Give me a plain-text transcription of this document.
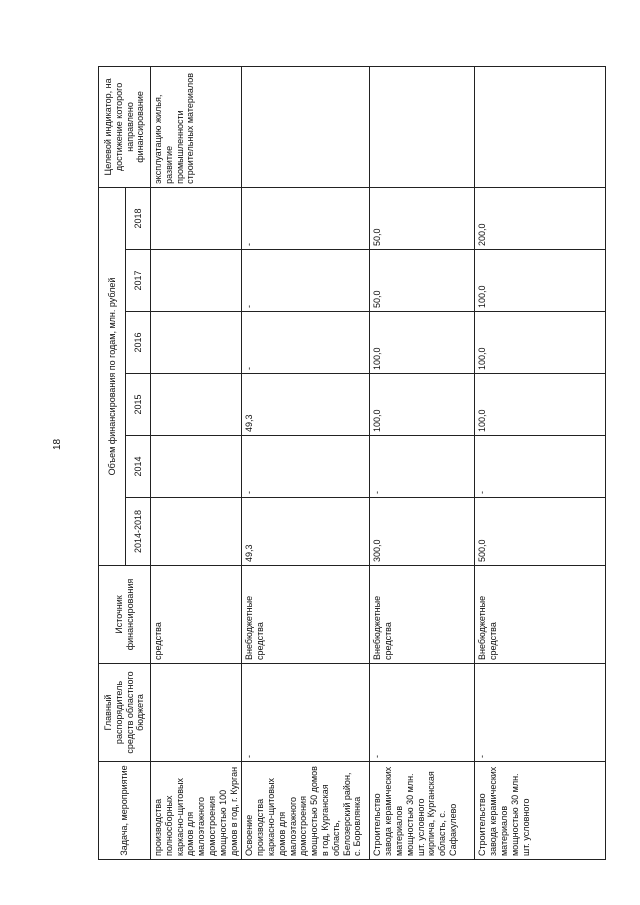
18
Задача, мероприятие	Главный распорядитель средств областного бюджета	Источник финансирования	Объем финансирования по годам, млн. рублей						Целевой индикатор, на достижение которого направлено финансирование
			2014-2018	2014	2015	2016	2017	2018	
производства полносборных каркасно-щитовых домов для малоэтажного домостроения мощностью 100 домов в год, г. Курган		средства							эксплуатацию жилья, развитие промышленности строительных материалов
Освоение производства каркасно-щитовых домов для малоэтажного домостроения мощностью 50 домов в год, Курганская область, Белозерский район, с. Боровлянка	-	Внебюджетные средства	49,3	-	49,3	-	-	-	
Строительство завода керамических материалов мощностью 30 млн. шт. условного кирпича, Курганская область, с. Сафакулево	-	Внебюджетные средства	300,0	-	100,0	100,0	50,0	50,0	
Строительство завода керамических материалов мощностью 30 млн. шт. условного	-	Внебюджетные средства	500,0	-	100,0	100,0	100,0	200,0	
